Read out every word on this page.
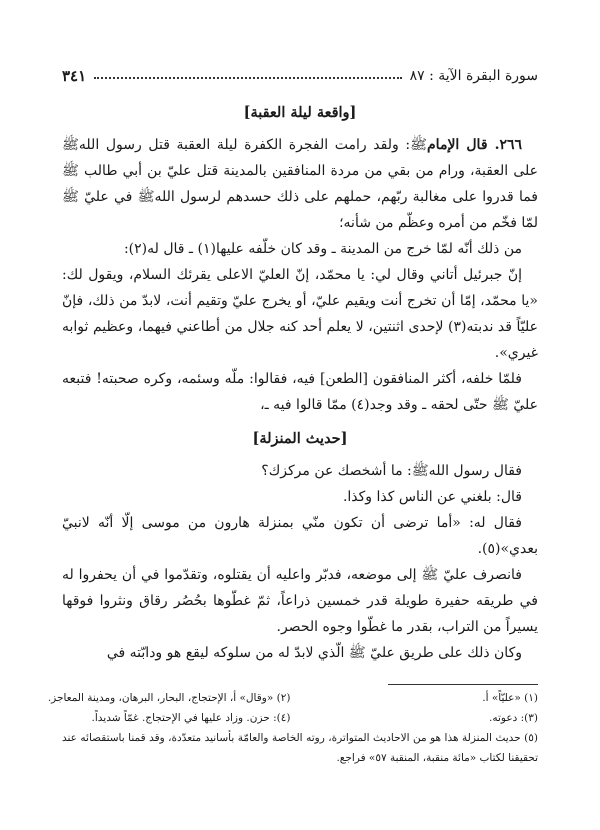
سورة البقرة الآية : ٨٧
٣٤١
[واقعة ليلة العقبة]

٢٦٦. قال الإمامﷺ: ولقد رامت الفجرة الكفرة ليلة العقبة قتل رسول اللهﷺ على العقبة، ورام من بقي من مردة المنافقين بالمدينة قتل عليّ بن أبي طالب ﷺ فما قدروا على مغالبة ربّهم، حملهم على ذلك حسدهم لرسول اللهﷺ في عليّ ﷺ لمّا فخّم من أمره وعظّم من شأنه؛

من ذلك أنّه لمّا خرج من المدينة ـ وقد كان خلّفه عليها(١) ـ قال له(٢):

إنّ جبرئيل أتاني وقال لي: يا محمّد، إنّ العليّ الاعلى يقرئك السلام، ويقول لك: «يا محمّد، إمّا أن تخرج أنت ويقيم عليّ، أو يخرج عليّ وتقيم أنت، لابدّ من ذلك، فإنّ عليّاً قد ندبته(٣) لإحدى اثنتين، لا يعلم أحد كنه جلال من أطاعني فيهما، وعظيم ثوابه غيري».

فلمّا خلفه، أكثر المنافقون [الطعن] فيه، فقالوا: ملّه وسئمه، وكره صحبته! فتبعه عليّ ﷺ حتّى لحقه ـ وقد وجد(٤) ممّا قالوا فيه ـ،

[حديث المنزلة]

فقال رسول اللهﷺ: ما أشخصك عن مركزك؟

قال: بلغني عن الناس كذا وكذا.

فقال له: «أما ترضى أن تكون منّي بمنزلة هارون من موسى إلّا أنّه لانبيّ بعدي»(٥).

فانصرف عليّ ﷺ إلى موضعه، فدبّر واعليه أن يقتلوه، وتقدّموا في أن يحفروا له في طريقه حفيرة طويلة قدر خمسين ذراعاً، ثمّ غطّوها بحُصُر رقاق ونثروا فوقها يسيراً من التراب، بقدر ما غطّوا وجوه الحصر.

وكان ذلك على طريق عليّ ﷺ الّذي لابدّ له من سلوكه ليقع هو ودابّته في

(١) «عليّاً» أ.
(٢) «وقال» أ، الإحتجاج، البحار، البرهان، ومدينة المعاجز.
(٣): دعوته.
(٤): حزن. وزاد عليها في الإحتجاج. غمّاً شديداً.
(٥) حديث المنزلة هذا هو من الاحاديث المتواترة، روته الخاصة والعامّة بأسانيد متعدّدة، وقد قمنا باستقصائه عند تحقيقنا لكتاب «مائة منقبة، المنقبة ٥٧» فراجع.
